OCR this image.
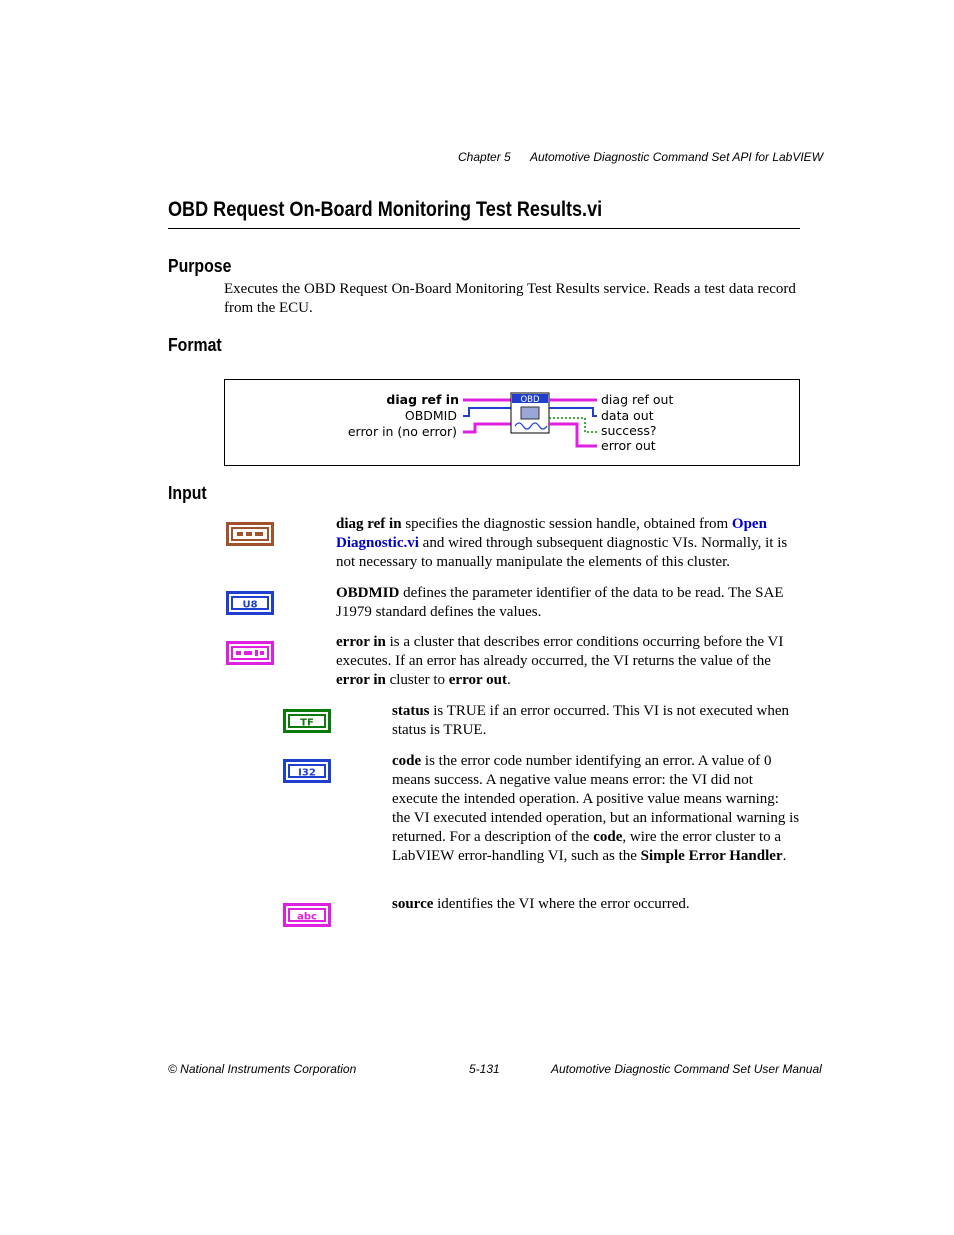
Chapter 5 Automotive Diagnostic Command Set API for LabVIEW
OBD Request On-Board Monitoring Test Results.vi
Purpose
Executes the OBD Request On-Board Monitoring Test Results service. Reads a test data record from the ECU.
Format
diag ref in
OBDMID
error in (no error)
OBD	diag ref out
data out
success?
error out
Input
diag ref in specifies the diagnostic session handle, obtained from Open Diagnostic.vi and wired through subsequent diagnostic VIs. Normally, it is not necessary to manually manipulate the elements of this cluster.
U8
OBDMID defines the parameter identifier of the data to be read. The SAE J1979 standard defines the values.
error in is a cluster that describes error conditions occurring before the VI executes. If an error has already occurred, the VI returns the value of the error in cluster to error out.
TF
status is TRUE if an error occurred. This VI is not executed when status is TRUE.
I32
code is the error code number identifying an error. A value of 0 means success. A negative value means error: the VI did not execute the intended operation. A positive value means warning: the VI executed intended operation, but an informational warning is returned. For a description of the code, wire the error cluster to a LabVIEW error-handling VI, such as the Simple Error Handler.
abc
source identifies the VI where the error occurred.
© National Instruments Corporation	5-131	Automotive Diagnostic Command Set User Manual
